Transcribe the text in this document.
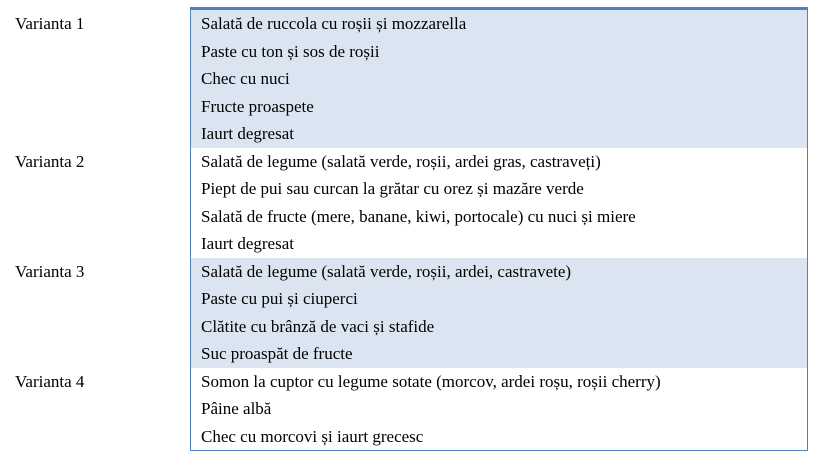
Varianta 1	Salată de ruccola cu roșii și mozzarella
Paste cu ton și sos de roșii
Chec cu nuci
Fructe proaspete
Iaurt degresat
Varianta 2	Salată de legume (salată verde, roșii, ardei gras, castraveți)
Piept de pui sau curcan la grătar cu orez și mazăre verde
Salată de fructe (mere, banane, kiwi, portocale) cu nuci și miere
Iaurt degresat
Varianta 3	Salată de legume (salată verde, roșii, ardei, castravete)
Paste cu pui și ciuperci
Clătite cu brânză de vaci și stafide
Suc proaspăt de fructe
Varianta 4	Somon la cuptor cu legume sotate (morcov, ardei roșu, roșii cherry)
Pâine albă
Chec cu morcovi și iaurt grecesc
